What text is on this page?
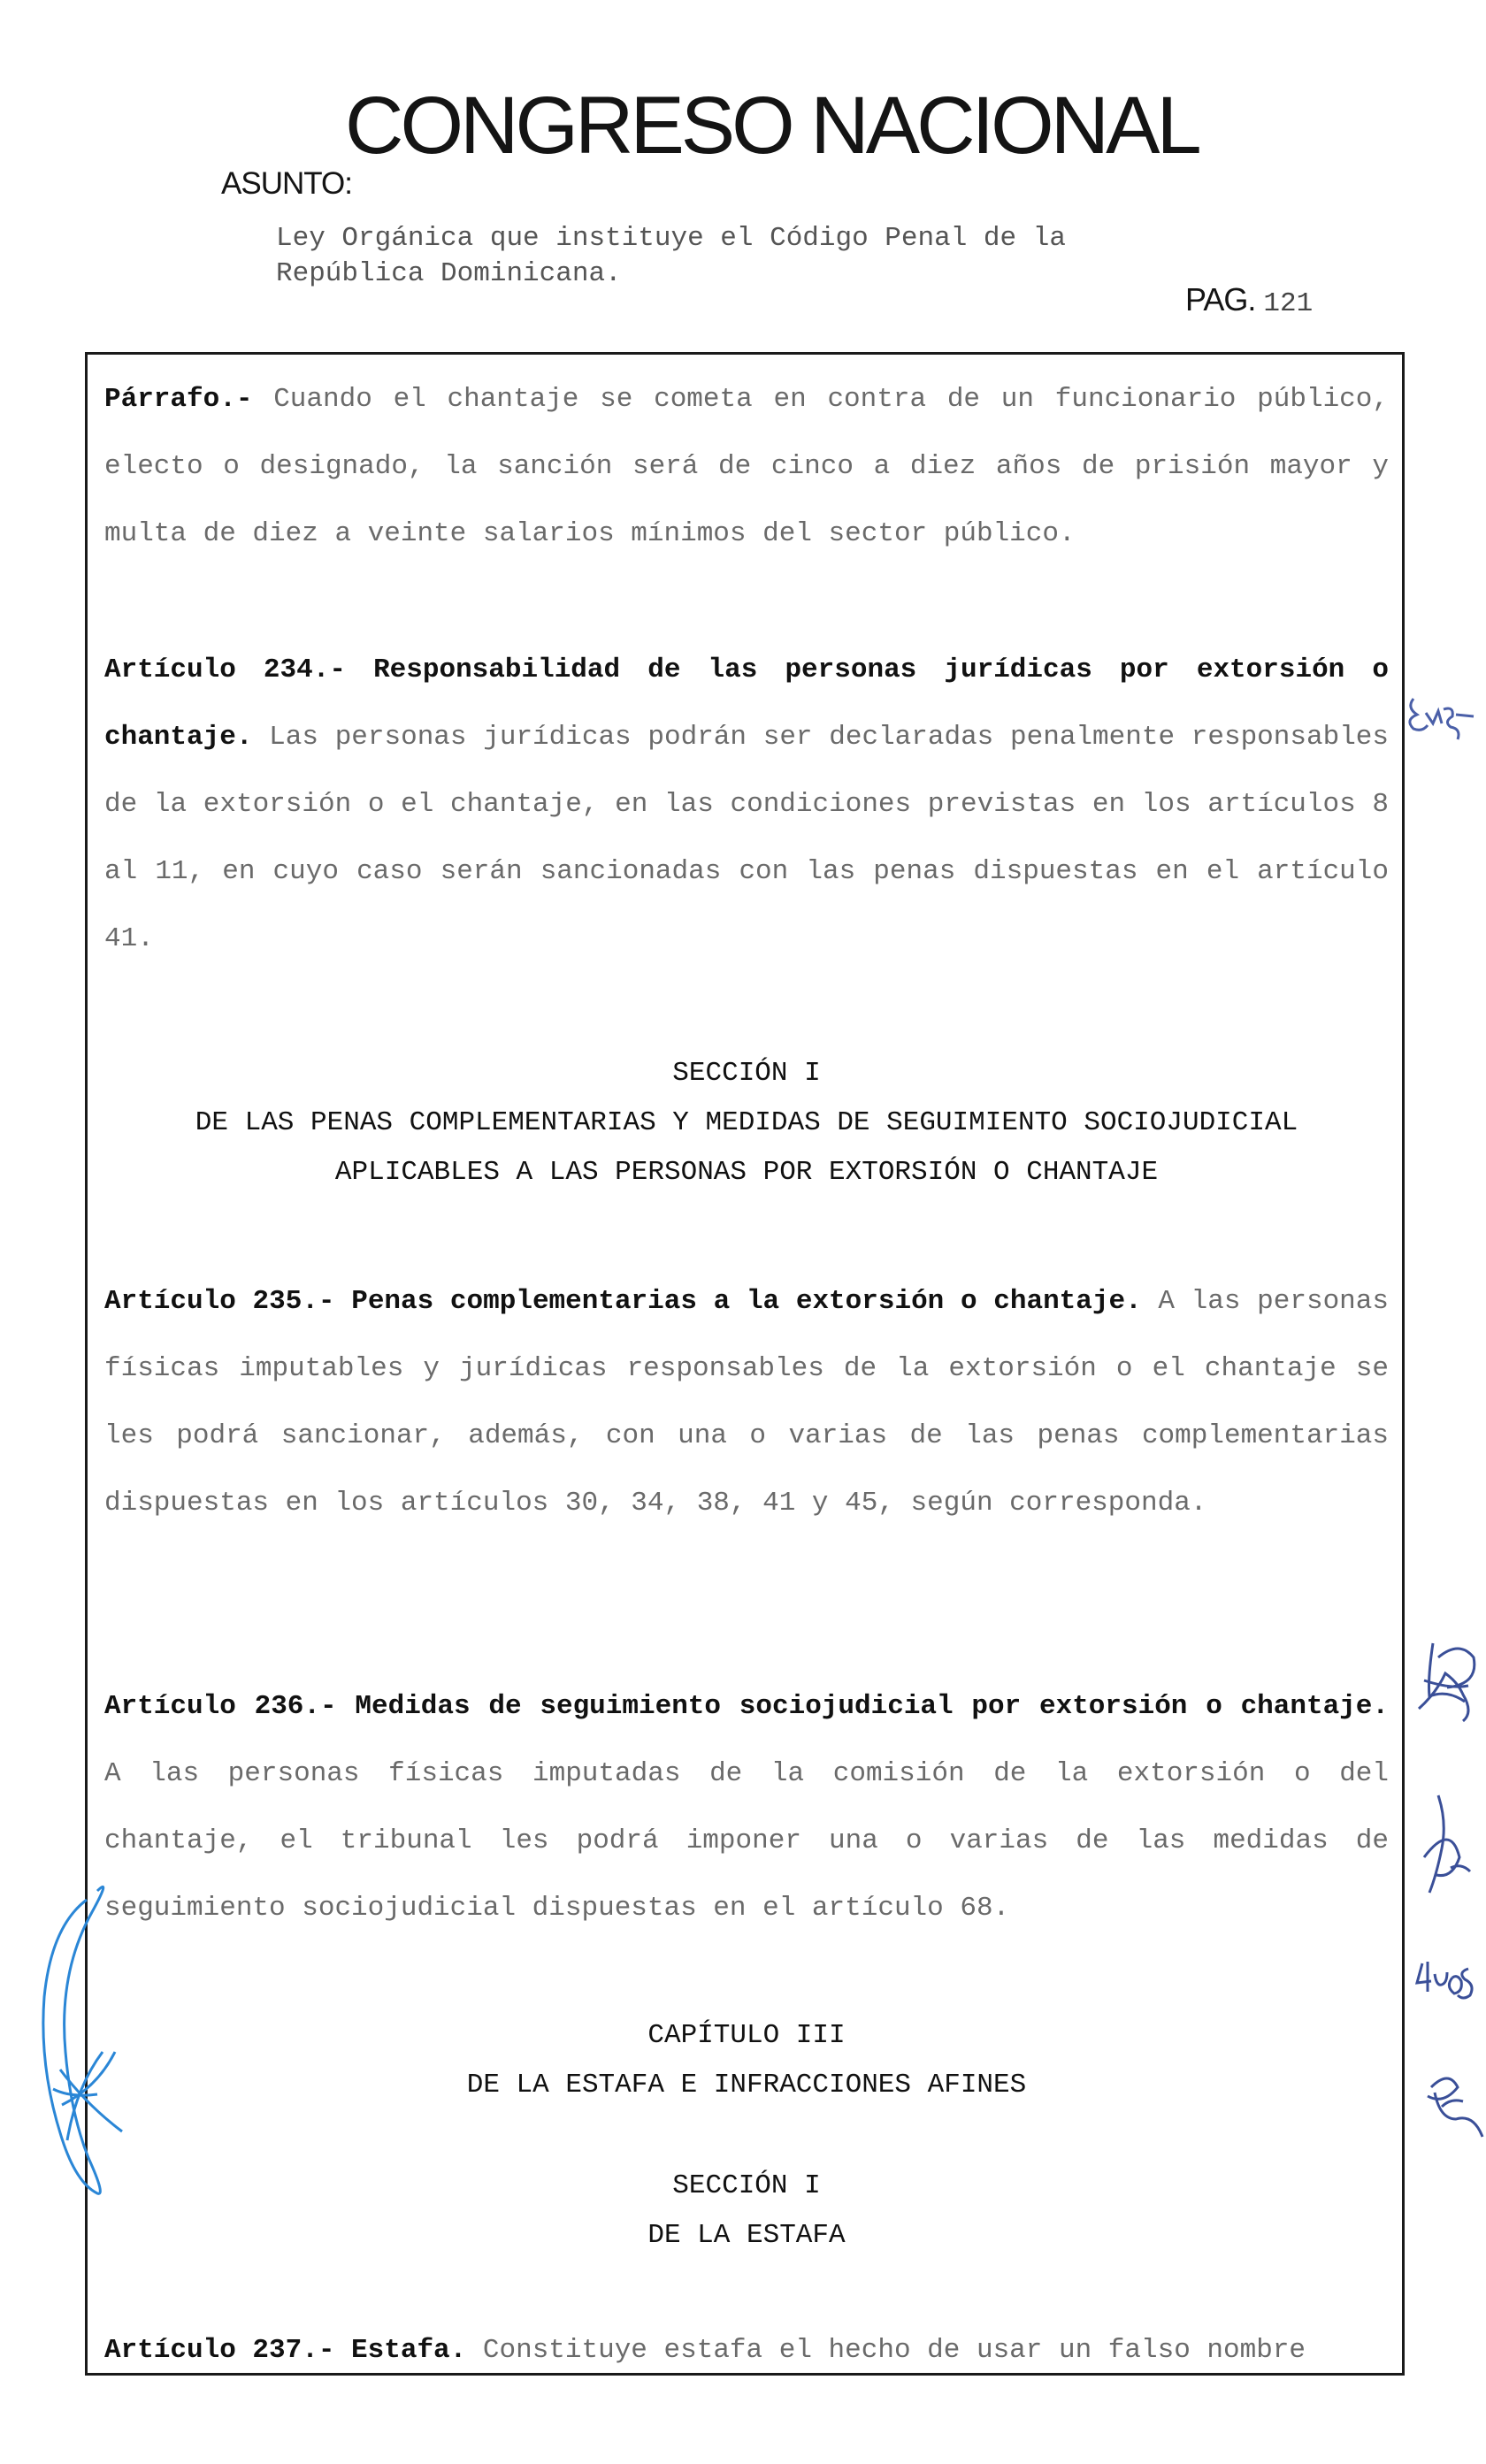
CONGRESO NACIONAL
ASUNTO:
Ley Orgánica que instituye el Código Penal de la
República Dominicana.
PAG. 121
Párrafo.- Cuando el chantaje se cometa en contra de un funcionario público, electo o designado, la sanción será de cinco a diez años de prisión mayor y multa de diez a veinte salarios mínimos del sector público.
Artículo 234.- Responsabilidad de las personas jurídicas por extorsión o chantaje. Las personas jurídicas podrán ser declaradas penalmente responsables de la extorsión o el chantaje, en las condiciones previstas en los artículos 8 al 11, en cuyo caso serán sancionadas con las penas dispuestas en el artículo 41.
SECCIÓN I
DE LAS PENAS COMPLEMENTARIAS Y MEDIDAS DE SEGUIMIENTO SOCIOJUDICIAL
APLICABLES A LAS PERSONAS POR EXTORSIÓN O CHANTAJE
Artículo 235.- Penas complementarias a la extorsión o chantaje. A las personas físicas imputables y jurídicas responsables de la extorsión o el chantaje se les podrá sancionar, además, con una o varias de las penas complementarias dispuestas en los artículos 30, 34, 38, 41 y 45, según corresponda.
Artículo 236.- Medidas de seguimiento sociojudicial por extorsión o chantaje. A las personas físicas imputadas de la comisión de la extorsión o del chantaje, el tribunal les podrá imponer una o varias de las medidas de seguimiento sociojudicial dispuestas en el artículo 68.
CAPÍTULO III
DE LA ESTAFA E INFRACCIONES AFINES
SECCIÓN I
DE LA ESTAFA
Artículo 237.- Estafa. Constituye estafa el hecho de usar un falso nombre
